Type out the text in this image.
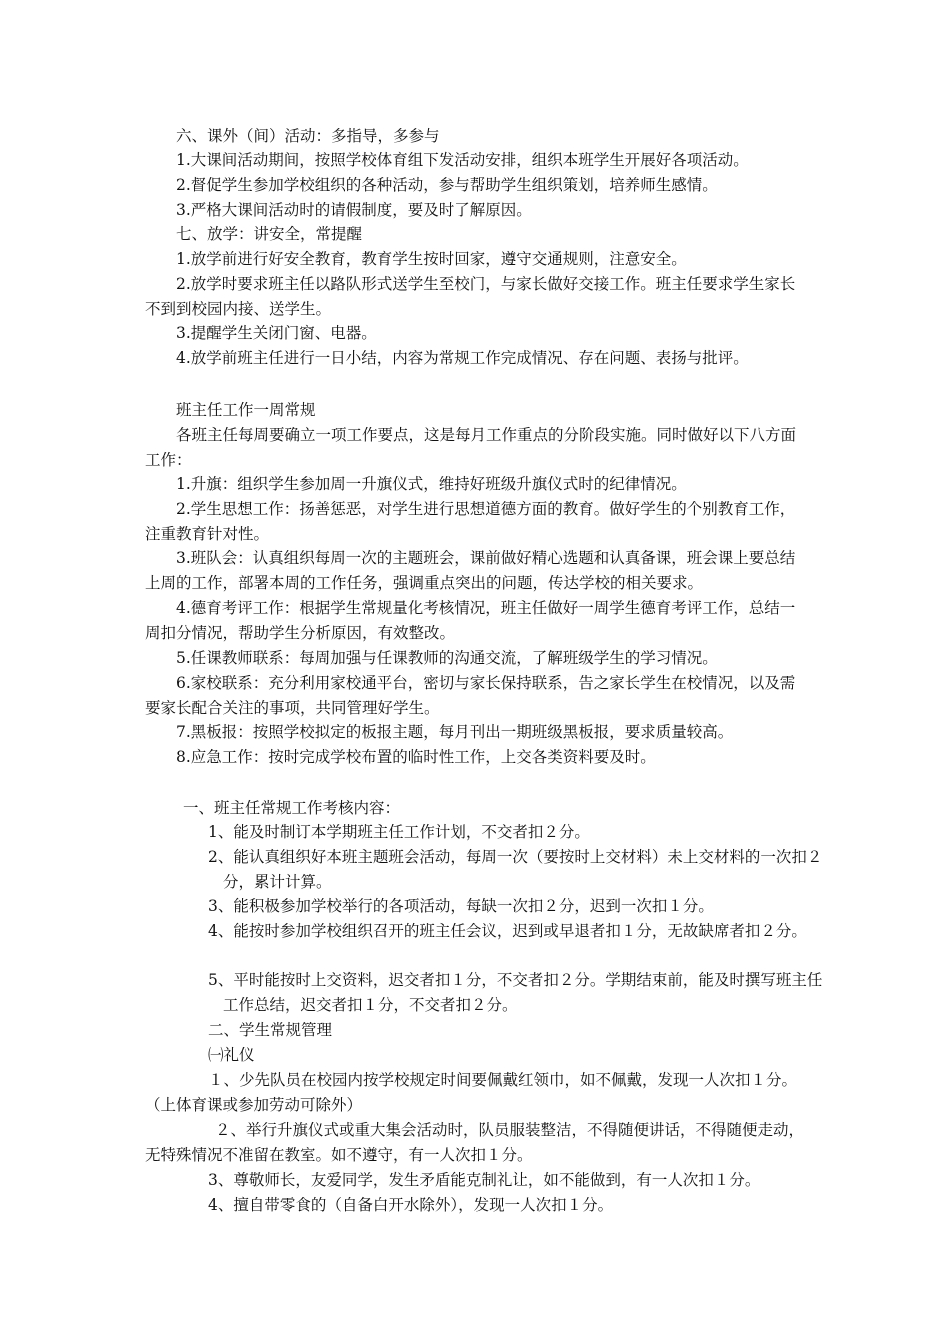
六、课外（间）活动：多指导，多参与
1.大课间活动期间，按照学校体育组下发活动安排，组织本班学生开展好各项活动。
2.督促学生参加学校组织的各种活动，参与帮助学生组织策划，培养师生感情。
3.严格大课间活动时的请假制度，要及时了解原因。
七、放学：讲安全，常提醒
1.放学前进行好安全教育，教育学生按时回家，遵守交通规则，注意安全。
2.放学时要求班主任以路队形式送学生至校门，与家长做好交接工作。班主任要求学生家长不到到校园内接、送学生。
3.提醒学生关闭门窗、电器。
4.放学前班主任进行一日小结，内容为常规工作完成情况、存在问题、表扬与批评。
班主任工作一周常规
各班主任每周要确立一项工作要点，这是每月工作重点的分阶段实施。同时做好以下八方面工作：
1.升旗：组织学生参加周一升旗仪式，维持好班级升旗仪式时的纪律情况。
2.学生思想工作：扬善惩恶，对学生进行思想道德方面的教育。做好学生的个别教育工作，注重教育针对性。
3.班队会：认真组织每周一次的主题班会，课前做好精心选题和认真备课，班会课上要总结上周的工作，部署本周的工作任务，强调重点突出的问题，传达学校的相关要求。
4.德育考评工作：根据学生常规量化考核情况，班主任做好一周学生德育考评工作，总结一周扣分情况，帮助学生分析原因，有效整改。
5.任课教师联系：每周加强与任课教师的沟通交流，了解班级学生的学习情况。
6.家校联系：充分利用家校通平台，密切与家长保持联系，告之家长学生在校情况，以及需要家长配合关注的事项，共同管理好学生。
7.黑板报：按照学校拟定的板报主题，每月刊出一期班级黑板报，要求质量较高。
8.应急工作：按时完成学校布置的临时性工作，上交各类资料要及时。
一、班主任常规工作考核内容：
1、能及时制订本学期班主任工作计划，不交者扣２分。
2、能认真组织好本班主题班会活动，每周一次（要按时上交材料）未上交材料的一次扣２分，累计计算。
3、能积极参加学校举行的各项活动，每缺一次扣２分，迟到一次扣１分。
4、能按时参加学校组织召开的班主任会议，迟到或早退者扣１分，无故缺席者扣２分。
5、平时能按时上交资料，迟交者扣１分，不交者扣２分。学期结束前，能及时撰写班主任工作总结，迟交者扣１分，不交者扣２分。
二、学生常规管理
㈠礼仪
１、少先队员在校园内按学校规定时间要佩戴红领巾，如不佩戴，发现一人次扣１分。（上体育课或参加劳动可除外）
２、举行升旗仪式或重大集会活动时，队员服装整洁，不得随便讲话，不得随便走动，无特殊情况不准留在教室。如不遵守，有一人次扣１分。
3、尊敬师长，友爱同学，发生矛盾能克制礼让，如不能做到，有一人次扣１分。
4、擅自带零食的（自备白开水除外），发现一人次扣１分。
